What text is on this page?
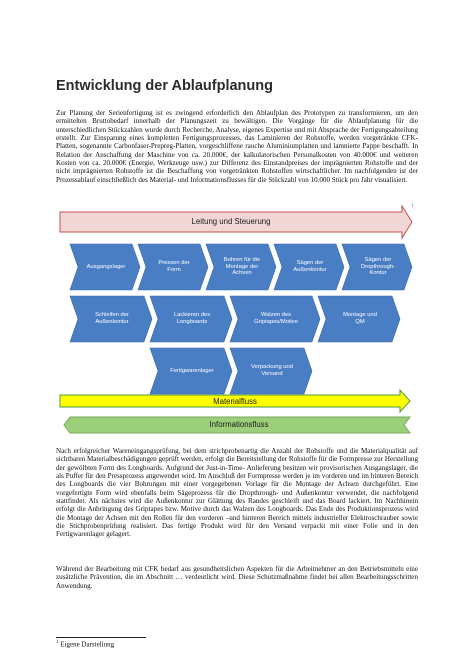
Entwicklung der Ablaufplanung

Zur Planung der Serienfertigung ist es zwingend erforderlich den Ablaufplan des Prototypen zu transformieren, um den ermittelten Bruttobedarf innerhalb der Planungszeit zu bewältigen. Die Vorgänge für die Ablaufplanung für die unterschiedlichen Stückzahlen wurde durch Recherche, Analyse, eigenes Expertise und mit Absprache der Fertigungsabteilung erstellt. Zur Einsparung eines kompletten Fertigungsprozesses, das Laminieren der Rohstoffe, werden vorgetränkte CFK-Platten, sogenannte Carbonfaser-Prepreg-Platten, vorgeschliffene rauche Aluminiumplatten und lamnierte Pappe beschafft. In Relation der Anschaffung der Maschine von ca. 20.000€, der kalkulatorischen Personalkosten von 40.000€ und weiteren Kosten von ca. 20.000€ (Energie, Werkzeuge usw.) zur Differenz des Einstandpreises der imprägnierten Rohstoffe und der nicht imprägnierten Rohstoffe ist die Beschaffung von vorgetränkten Rohstoffen wirtschaftlicher. Im nachfolgenden ist der Prozessablauf einschließlich des Material- und Informationsflusses für die Stückzahl von 10.000 Stück pro Jahr visualisiert.

Leitung und Steuerung
Ausgangslager
Pressen der
Form
Bohren für die
Montage der
Achsen
Sägen der
Außenkontur
Sägen der
Dropthrough-
Kontur
Schleifen der
Außenkontur
Lackieren des
Longboards
Walzen des
Griptapes/Motive
Montage und
QM
Fertigwarenlager
Verpackung und
Versand
Materialfluss
Informationsfluss
1

Nach erfolgreicher Wareneingangsprüfung, bei dem strichprobenartig die Anzahl der Rohstoffe und die Materialqualität auf sichtbaren Materialbeschädigungen geprüft werden, erfolgt die Bereitstellung der Rohstoffe für die Formpresse zur Herstellung der gewölbten Form des Longboards. Aufgrund der Just-in-Time- Anlieferung besitzen wir provisorischen Ausgangslager, die als Puffer für den Pressprozess angewendet wird. Im Anschluß der Formpresse werden je im vorderen und im hinteren Bereich des Longboards die vier Bohrungen mit einer vorgegebenen Vorlage für die Montage der Achsen durchgeführt. Eine vorgefertigte Form wird ebenfalls beim Sägeprozess für die Dropthrough- und Außenkontur verwendet, die nachfolgend stattfindet. Als nächstes wird die Außenkontur zur Glättung des Randes geschleift und das Board lackiert. Im Nachhinein erfolgt die Anbringung des Griptapes bzw. Motive durch das Walzen des Longboards. Das Ende des Produktionsprozess wird die Montage der Achsen mit den Rollen für den vorderen –und hinteren Bereich mittels industrieller Elektroschrauber sowie die Stichprobenprüfung realisiert. Das fertige Produkt wird für den Versand verpackt mit einer Folie und in den Fertigwarenlager gelagert.

Während der Bearbeitung mit CFK bedarf aus gesundheitslichen Aspekten für die Arbeitnehmer an den Betriebsmitteln eine zusätzliche Prävention, die im Abschnitt … verdeutlicht wird. Diese Schutzmaßnahme findet bei allen Bearbeitungsschritten Anwendung.

$^1$ Eigene Darstellung
